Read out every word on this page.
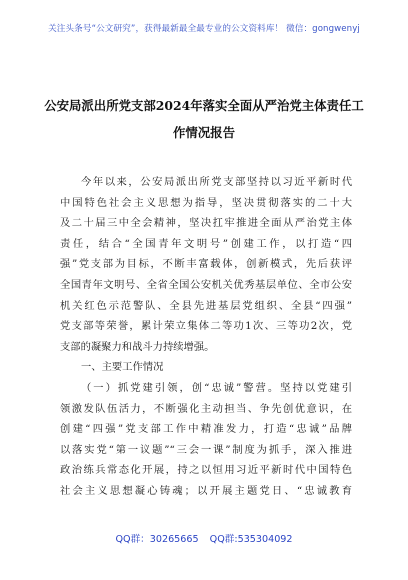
关注头条号“公文研究”，获得最新最全最专业的公文资料库！ 微信：gongwenyj
公安局派出所党支部2024年落实全面从严治党主体责任工
作情况报告
今年以来，公安局派出所党支部坚持以习近平新时代
中国特色社会主义思想为指导，坚决贯彻落实的二十大
及二十届三中全会精神，坚决扛牢推进全面从严治党主体
责任，结合“全国青年文明号”创建工作，以打造“四
强”党支部为目标，不断丰富载体，创新模式，先后获评
全国青年文明号、全省全国公安机关优秀基层单位、全市公安
机关红色示范警队、全县先进基层党组织、全县“四强”
党支部等荣誉，累计荣立集体二等功1次、三等功2次，党
支部的凝聚力和战斗力持续增强。
一、主要工作情况
（一）抓党建引领，创“忠诚”警营。坚持以党建引
领激发队伍活力，不断强化主动担当、争先创优意识，在
创建“四强”党支部工作中精准发力，打造“忠诚”品牌
以落实党“第一议题”“三会一课”制度为抓手，深入推进
政治练兵常态化开展，持之以恒用习近平新时代中国特色
社会主义思想凝心铸魂；以开展主题党日、“忠诚教育
QQ群：30265665 QQ群:535304092
